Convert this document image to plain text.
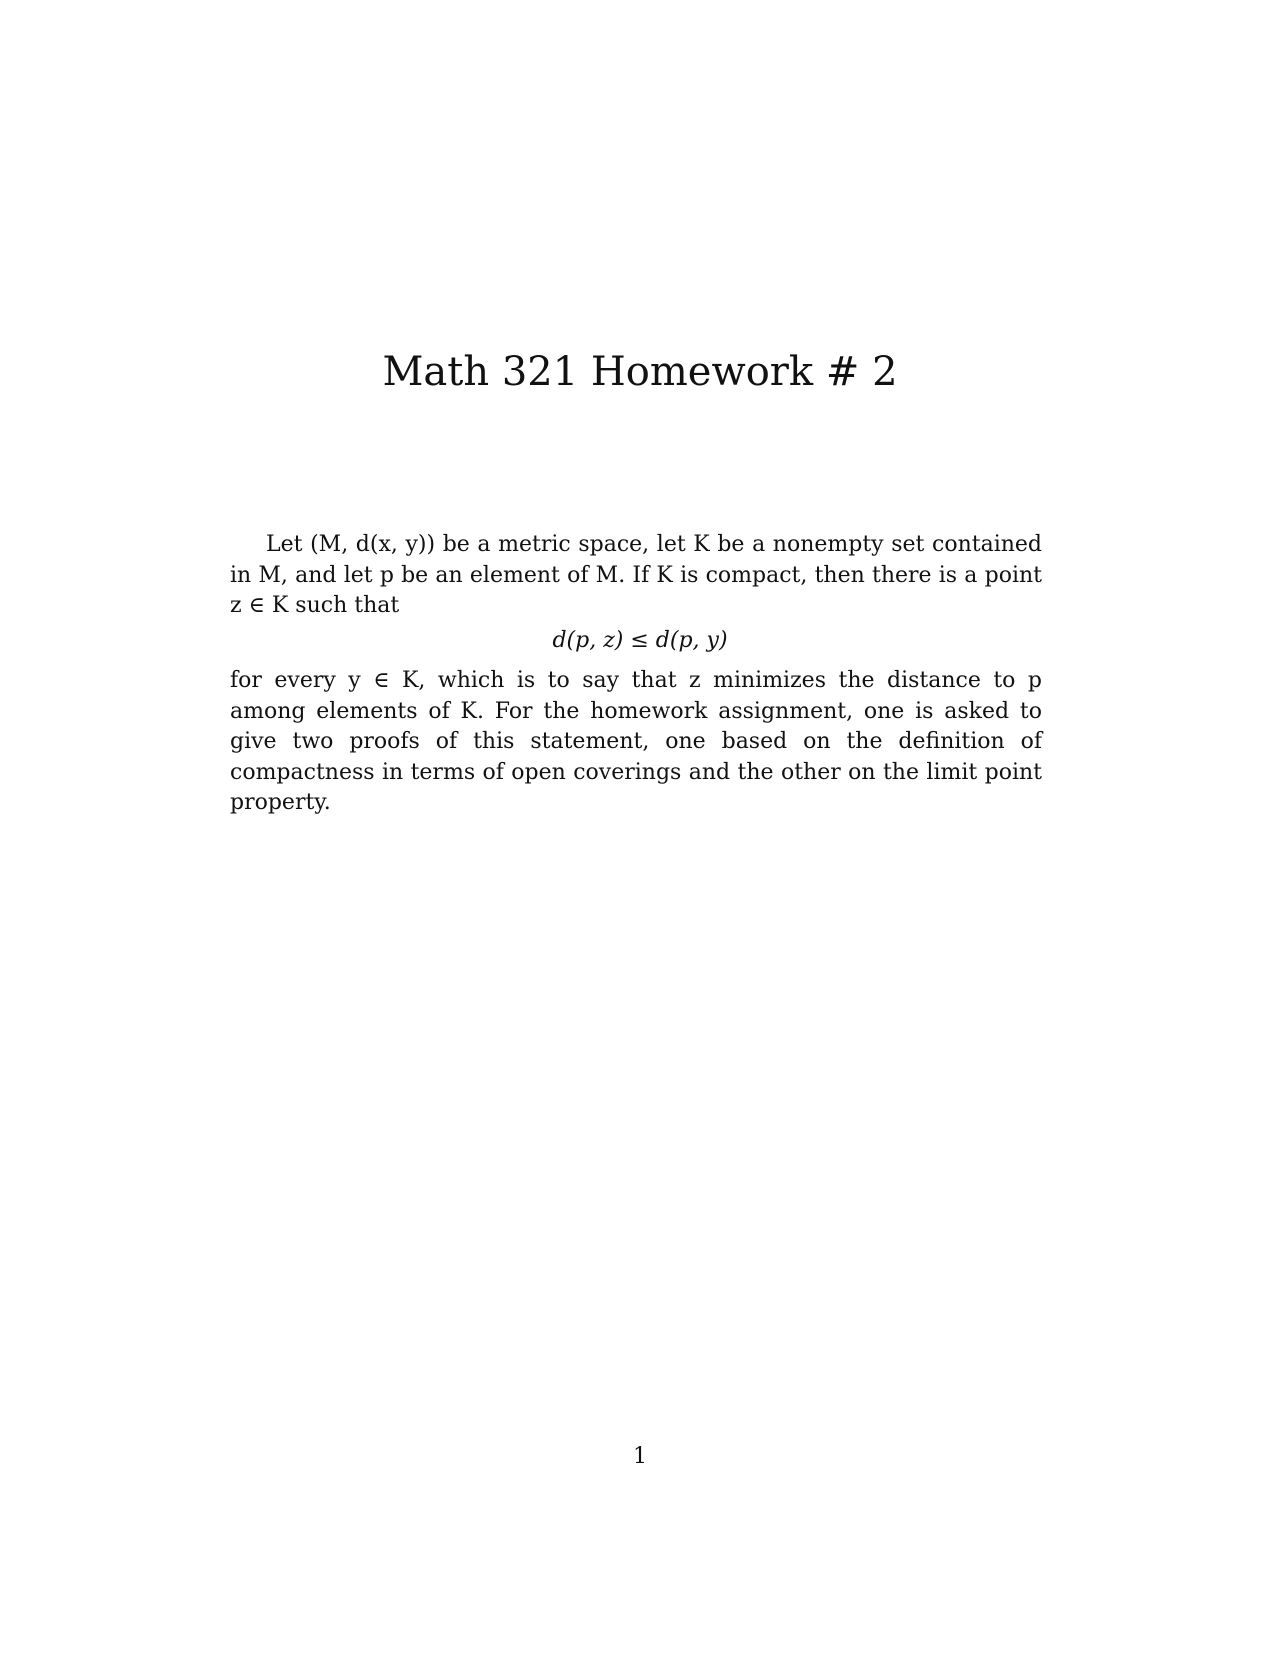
Math 321 Homework # 2

Let (M, d(x, y)) be a metric space, let K be a nonempty set contained in M, and let p be an element of M. If K is compact, then there is a point z ∈ K such that

d(p, z) ≤ d(p, y)

for every y ∈ K, which is to say that z minimizes the distance to p among elements of K. For the homework assignment, one is asked to give two proofs of this statement, one based on the definition of compactness in terms of open coverings and the other on the limit point property.

1
